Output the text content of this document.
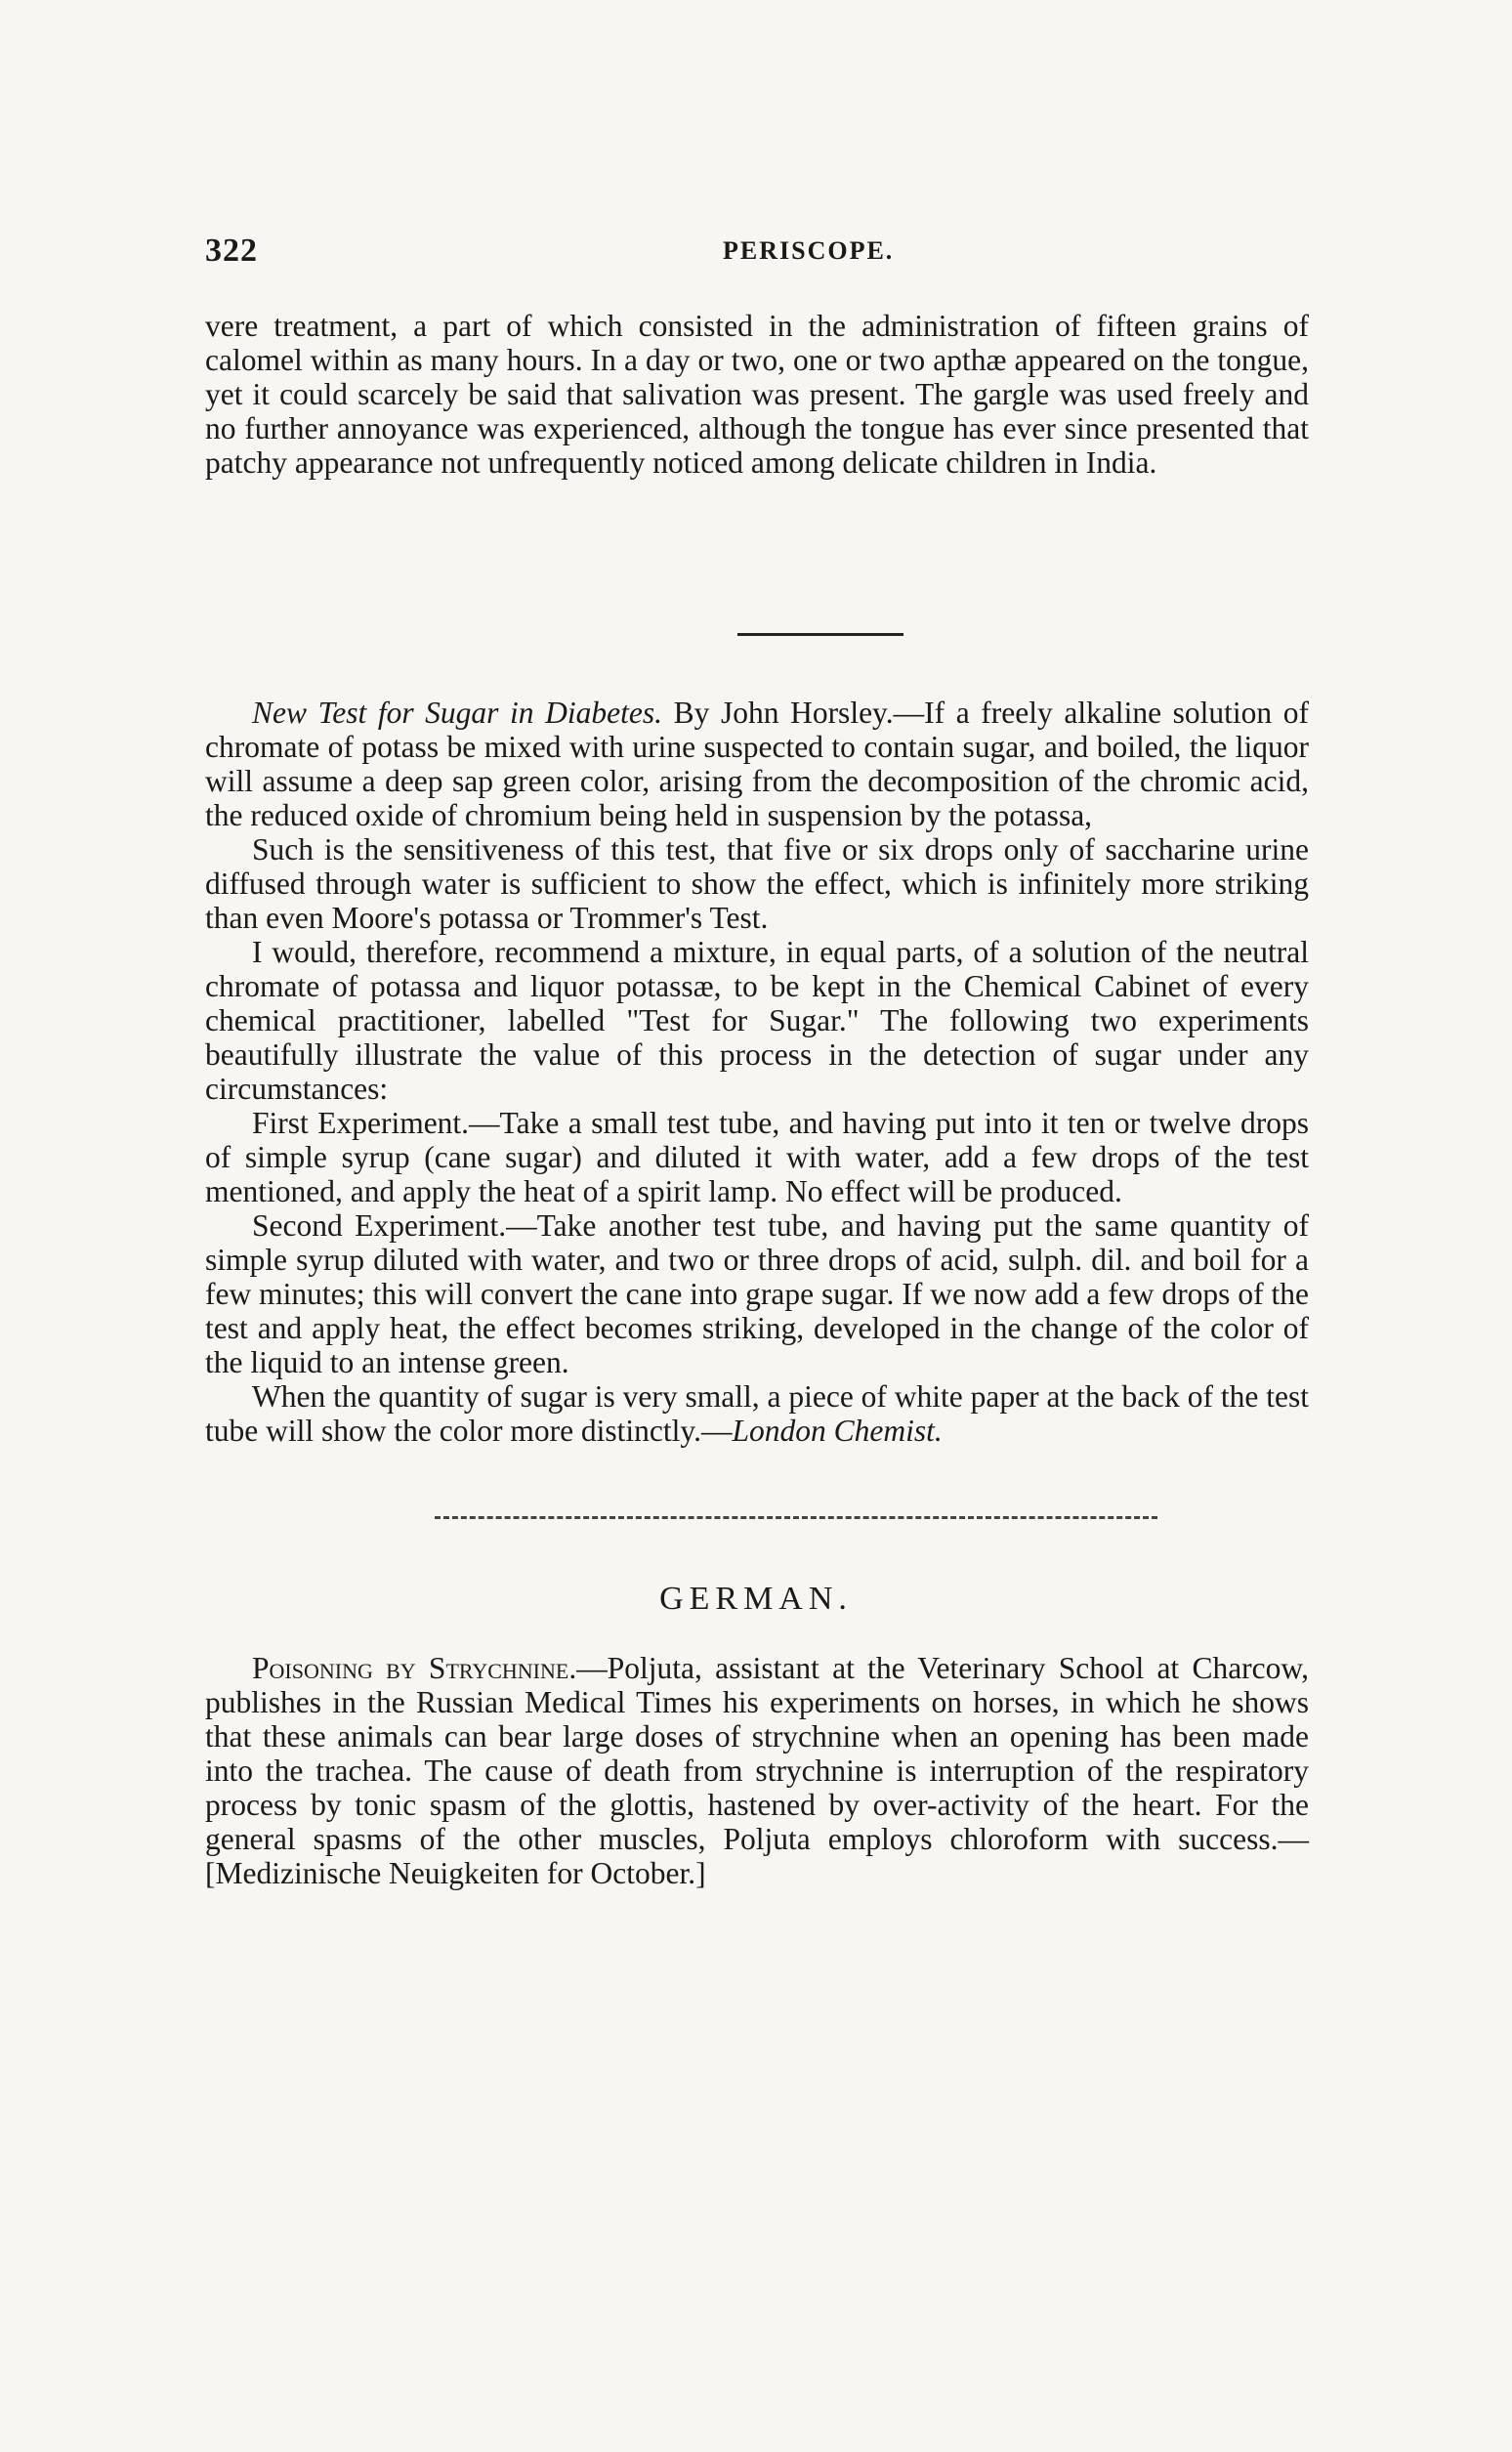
322	PERISCOPE.

vere treatment, a part of which consisted in the administration of fifteen grains of calomel within as many hours. In a day or two, one or two apthæ appeared on the tongue, yet it could scarcely be said that salivation was present. The gargle was used freely and no further annoyance was experienced, although the tongue has ever since presented that patchy appearance not unfrequently noticed among delicate children in India.

New Test for Sugar in Diabetes. By John Horsley.—If a freely alkaline solution of chromate of potass be mixed with urine suspected to contain sugar, and boiled, the liquor will assume a deep sap green color, arising from the decomposition of the chromic acid, the reduced oxide of chromium being held in suspension by the potassa,

Such is the sensitiveness of this test, that five or six drops only of saccharine urine diffused through water is sufficient to show the effect, which is infinitely more striking than even Moore's potassa or Trommer's Test.

I would, therefore, recommend a mixture, in equal parts, of a solution of the neutral chromate of potassa and liquor potassæ, to be kept in the Chemical Cabinet of every chemical practitioner, labelled "Test for Sugar." The following two experiments beautifully illustrate the value of this process in the detection of sugar under any circumstances:

First Experiment.—Take a small test tube, and having put into it ten or twelve drops of simple syrup (cane sugar) and diluted it with water, add a few drops of the test mentioned, and apply the heat of a spirit lamp. No effect will be produced.

Second Experiment.—Take another test tube, and having put the same quantity of simple syrup diluted with water, and two or three drops of acid, sulph. dil. and boil for a few minutes; this will convert the cane into grape sugar. If we now add a few drops of the test and apply heat, the effect becomes striking, developed in the change of the color of the liquid to an intense green.

When the quantity of sugar is very small, a piece of white paper at the back of the test tube will show the color more distinctly.—London Chemist.

GERMAN.

Poisoning by Strychnine.—Poljuta, assistant at the Veterinary School at Charcow, publishes in the Russian Medical Times his experiments on horses, in which he shows that these animals can bear large doses of strychnine when an opening has been made into the trachea. The cause of death from strychnine is interruption of the respiratory process by tonic spasm of the glottis, hastened by over-activity of the heart. For the general spasms of the other muscles, Poljuta employs chloroform with success.—[Medizinische Neuigkeiten for October.]
